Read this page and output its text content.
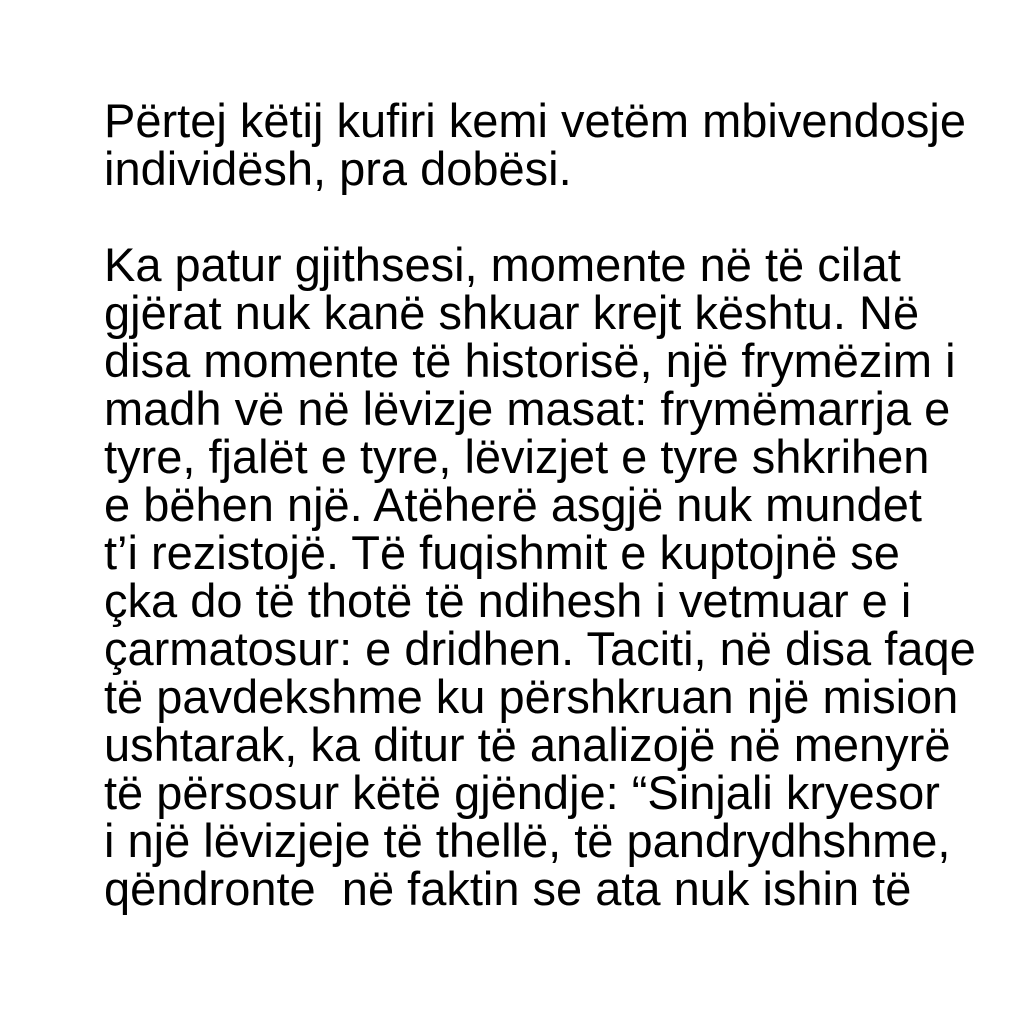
Përtej këtij kufiri kemi vetëm mbivendosje
individësh, pra dobësi.
Ka patur gjithsesi, momente në të cilat
gjërat nuk kanë shkuar krejt kështu. Në
disa momente të historisë, një frymëzim i
madh vë në lëvizje masat: frymëmarrja e
tyre, fjalët e tyre, lëvizjet e tyre shkrihen
e bëhen një. Atëherë asgjë nuk mundet
t’i rezistojë. Të fuqishmit e kuptojnë se
çka do të thotë të ndihesh i vetmuar e i
çarmatosur: e dridhen. Taciti, në disa faqe
të pavdekshme ku përshkruan një mision
ushtarak, ka ditur të analizojë në menyrë
të përsosur këtë gjëndje: “Sinjali kryesor
i një lëvizjeje të thellë, të pandrydhshme,
qëndronte  në faktin se ata nuk ishin të
